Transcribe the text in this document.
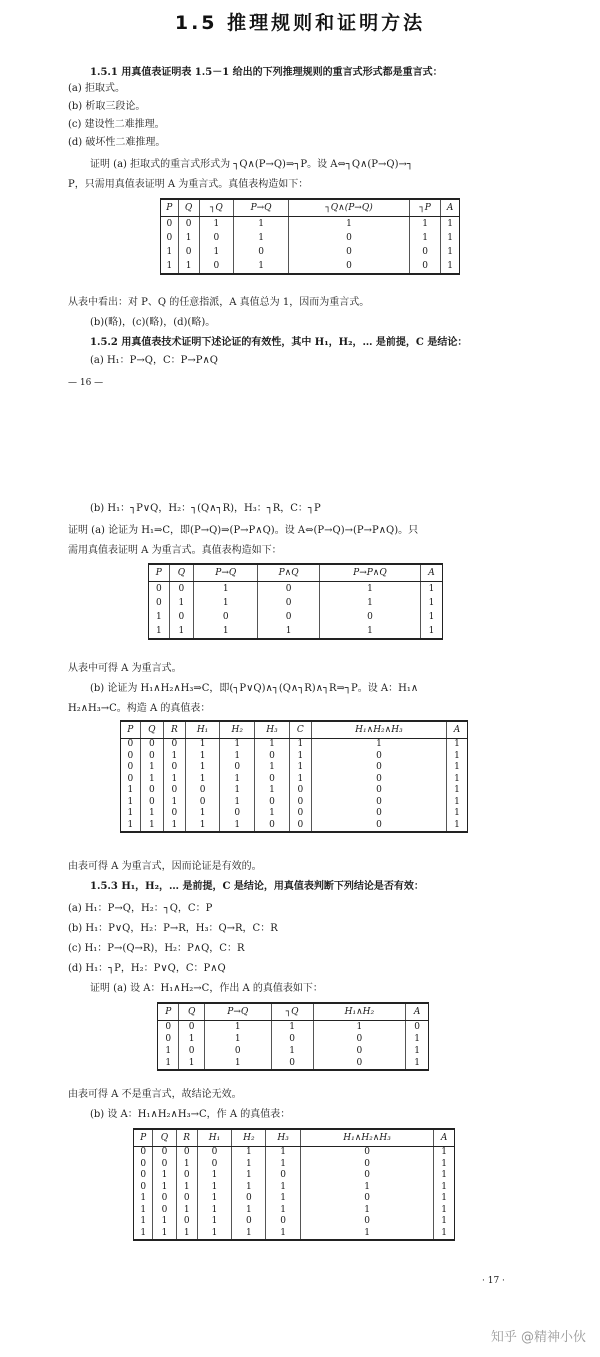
1.5 推理规则和证明方法
1.5.1 用真值表证明表 1.5－1 给出的下列推理规则的重言式形式都是重言式：
(a) 拒取式。
(b) 析取三段论。
(c) 建设性二难推理。
(d) 破坏性二难推理。
证明 (a) 拒取式的重言式形式为 ┐Q∧(P→Q)⇒┐P。设 A⇔┐Q∧(P→Q)→┐
P，只需用真值表证明 A 为重言式。真值表构造如下：
P	Q	┐Q	P→Q	┐Q∧(P→Q)	┐P	A
0	0	1	1	1	1	1
0	1	0	1	0	1	1
1	0	1	0	0	0	1
1	1	0	1	0	0	1
从表中看出：对 P、Q 的任意指派，A 真值总为 1，因而为重言式。
(b)(略)，(c)(略)，(d)(略)。
1.5.2 用真值表技术证明下述论证的有效性，其中 H₁，H₂，… 是前提，C 是结论：
(a) H₁：P→Q，C：P→P∧Q
— 16 —
(b) H₁：┐P∨Q，H₂：┐(Q∧┐R)，H₃：┐R，C：┐P
证明 (a) 论证为 H₁⇒C，即(P→Q)⇒(P→P∧Q)。设 A⇔(P→Q)→(P→P∧Q)。只
需用真值表证明 A 为重言式。真值表构造如下：
P	Q	P→Q	P∧Q	P→P∧Q	A
0	0	1	0	1	1
0	1	1	0	1	1
1	0	0	0	0	1
1	1	1	1	1	1
从表中可得 A 为重言式。
(b) 论证为 H₁∧H₂∧H₃⇒C，即(┐P∨Q)∧┐(Q∧┐R)∧┐R⇒┐P。设 A：H₁∧
H₂∧H₃→C。构造 A 的真值表：
P	Q	R	H₁	H₂	H₃	C	H₁∧H₂∧H₃	A
0	0	0	1	1	1	1	1	1
0	0	1	1	1	0	1	0	1
0	1	0	1	0	1	1	0	1
0	1	1	1	1	0	1	0	1
1	0	0	0	1	1	0	0	1
1	0	1	0	1	0	0	0	1
1	1	0	1	0	1	0	0	1
1	1	1	1	1	0	0	0	1
由表可得 A 为重言式，因而论证是有效的。
1.5.3 H₁，H₂，… 是前提，C 是结论，用真值表判断下列结论是否有效：
(a) H₁：P→Q，H₂：┐Q，C：P
(b) H₁：P∨Q，H₂：P→R，H₃：Q→R，C：R
(c) H₁：P→(Q→R)，H₂：P∧Q，C：R
(d) H₁：┐P，H₂：P∨Q，C：P∧Q
证明 (a) 设 A：H₁∧H₂→C，作出 A 的真值表如下：
P	Q	P→Q	┐Q	H₁∧H₂	A
0	0	1	1	1	0
0	1	1	0	0	1
1	0	0	1	0	1
1	1	1	0	0	1
由表可得 A 不是重言式，故结论无效。
(b) 设 A：H₁∧H₂∧H₃→C，作 A 的真值表：
P	Q	R	H₁	H₂	H₃	H₁∧H₂∧H₃	A
0	0	0	0	1	1	0	1
0	0	1	0	1	1	0	1
0	1	0	1	1	0	0	1
0	1	1	1	1	1	1	1
1	0	0	1	0	1	0	1
1	0	1	1	1	1	1	1
1	1	0	1	0	0	0	1
1	1	1	1	1	1	1	1
· 17 ·
知乎 @精神小伙
